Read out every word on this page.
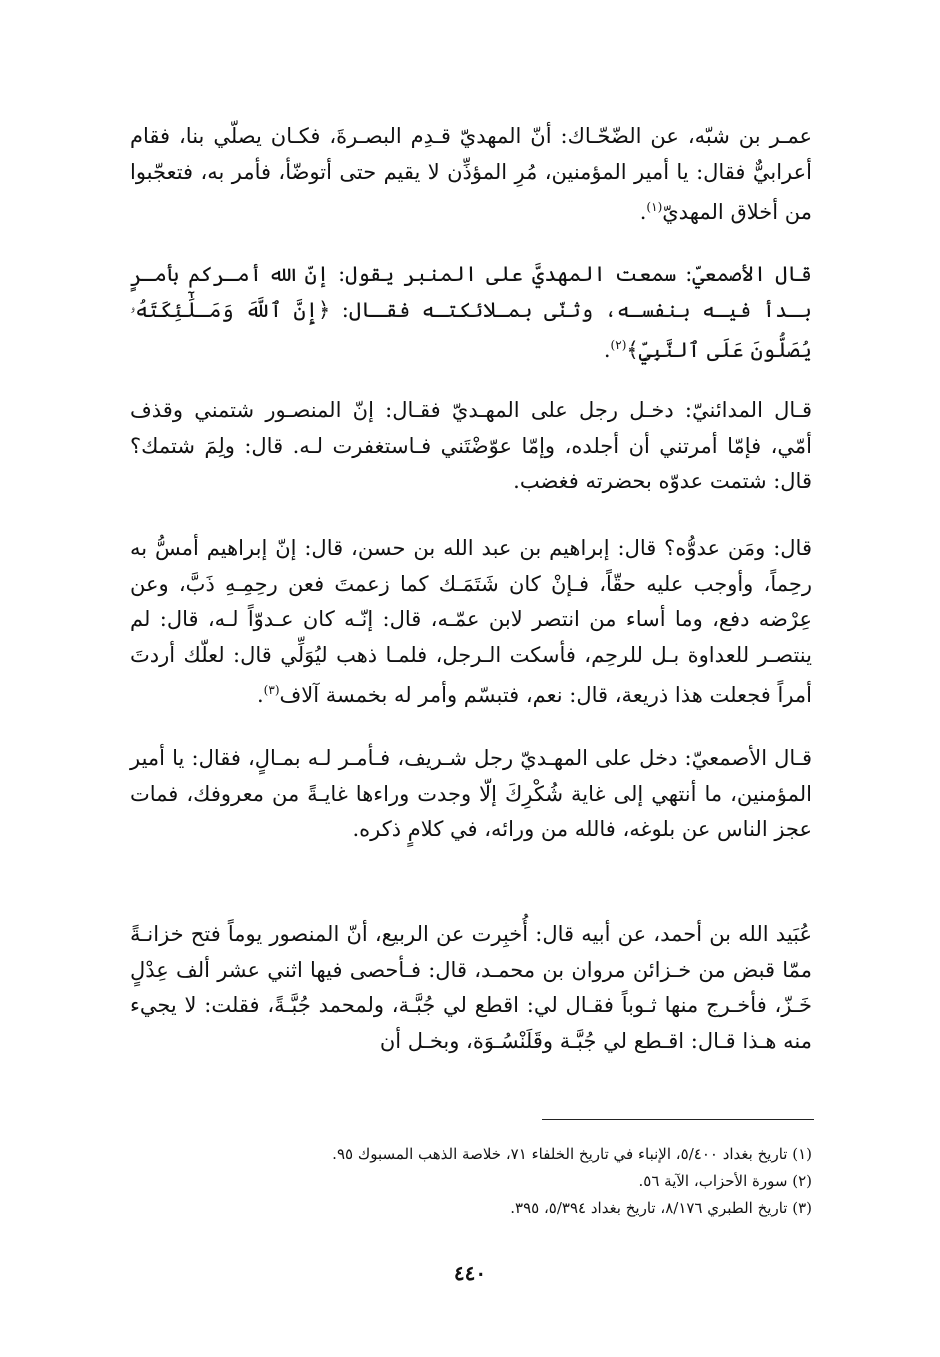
عمـر بن شبّه، عن الضّحّـاك: أنّ المهديّ قـدِم البصـرةَ، فكـان يصلّي بنا، فقام أعرابيٌّ فقال: يا أمير المؤمنين، مُرِ المؤذِّن لا يقيم حتى أتوضّأ، فأمر به، فتعجّبوا من أخلاق المهديّ$^{(١)}$.

قال الأصمعيّ: سمعت المهديَّ على المنبر يقول: إنّ الله أمـركم بأمـرٍ بـدأ فيـه بنفسـه، وثنّى بمـلائكتـه فقـال: ﴿إِنَّ ٱللَّهَ وَمَـلَٰٓئِكَتَهُۥ يُصَلُّونَ عَلَى ٱلنَّبِيِّ﴾$^{(٢)}$.

قـال المدائنيّ: دخـل رجل على المهـديّ فقـال: إنّ المنصـور شتمني وقذف أمّي، فإمّا أمرتني أن أجلده، وإمّا عوّضْتَني فـاستغفرت لـه. قال: ولِمَ شتمك؟ قال: شتمت عدوّه بحضرته فغضب.

قال: ومَن عدوُّه؟ قال: إبراهيم بن عبد الله بن حسن، قال: إنّ إبراهيم أمسُّ به رحِماً، وأوجب عليه حقّاً، فـإنْ كان شَتَمَـك كما زعمتَ فعن رحِمِـهِ ذَبَّ، وعن عِرْضه دفع، وما أساء من انتصر لابن عمّـه، قال: إنّـه كان عـدوّاً لـه، قال: لم ينتصـر للعداوة بـل للرحِم، فأسكت الـرجل، فلمـا ذهب ليُوَلِّي قال: لعلّك أردتَ أمراً فجعلت هذا ذريعة، قال: نعم، فتبسّم وأمر له بخمسة آلاف$^{(٣)}$.

قـال الأصمعيّ: دخل على المهـديّ رجل شـريف، فـأمـر لـه بمـالٍ، فقال: يا أمير المؤمنين، ما أنتهي إلى غاية شُكْرِكَ إلّا وجدت وراءها غايـةً من معروفك، فمات عجز الناس عن بلوغه، فالله من ورائه، في كلامٍ ذكره.

عُبَيد الله بن أحمد، عن أبيه قال: أُخبِرت عن الربيع، أنّ المنصور يوماً فتح خزانـةً ممّا قبض من خـزائن مروان بن محمـد، قال: فـأحصى فيها اثني عشر ألف عِدْلٍ خَـزّ، فأخـرج منها ثـوباً فقـال لي: اقطع لي جُبَّـة، ولمحمد جُبَّـةً، فقلت: لا يجيء منه هـذا قـال: اقـطع لي جُبَّـة وقَلَنْسُـوَة، وبخـل أن

(١) تاريخ بغداد ٥/٤٠٠، الإنباء في تاريخ الخلفاء ٧١، خلاصة الذهب المسبوك ٩٥.

(٢) سورة الأحزاب، الآية ٥٦.

(٣) تاريخ الطبري ٨/١٧٦، تاريخ بغداد ٥/٣٩٤، ٣٩٥.

٤٤٠
